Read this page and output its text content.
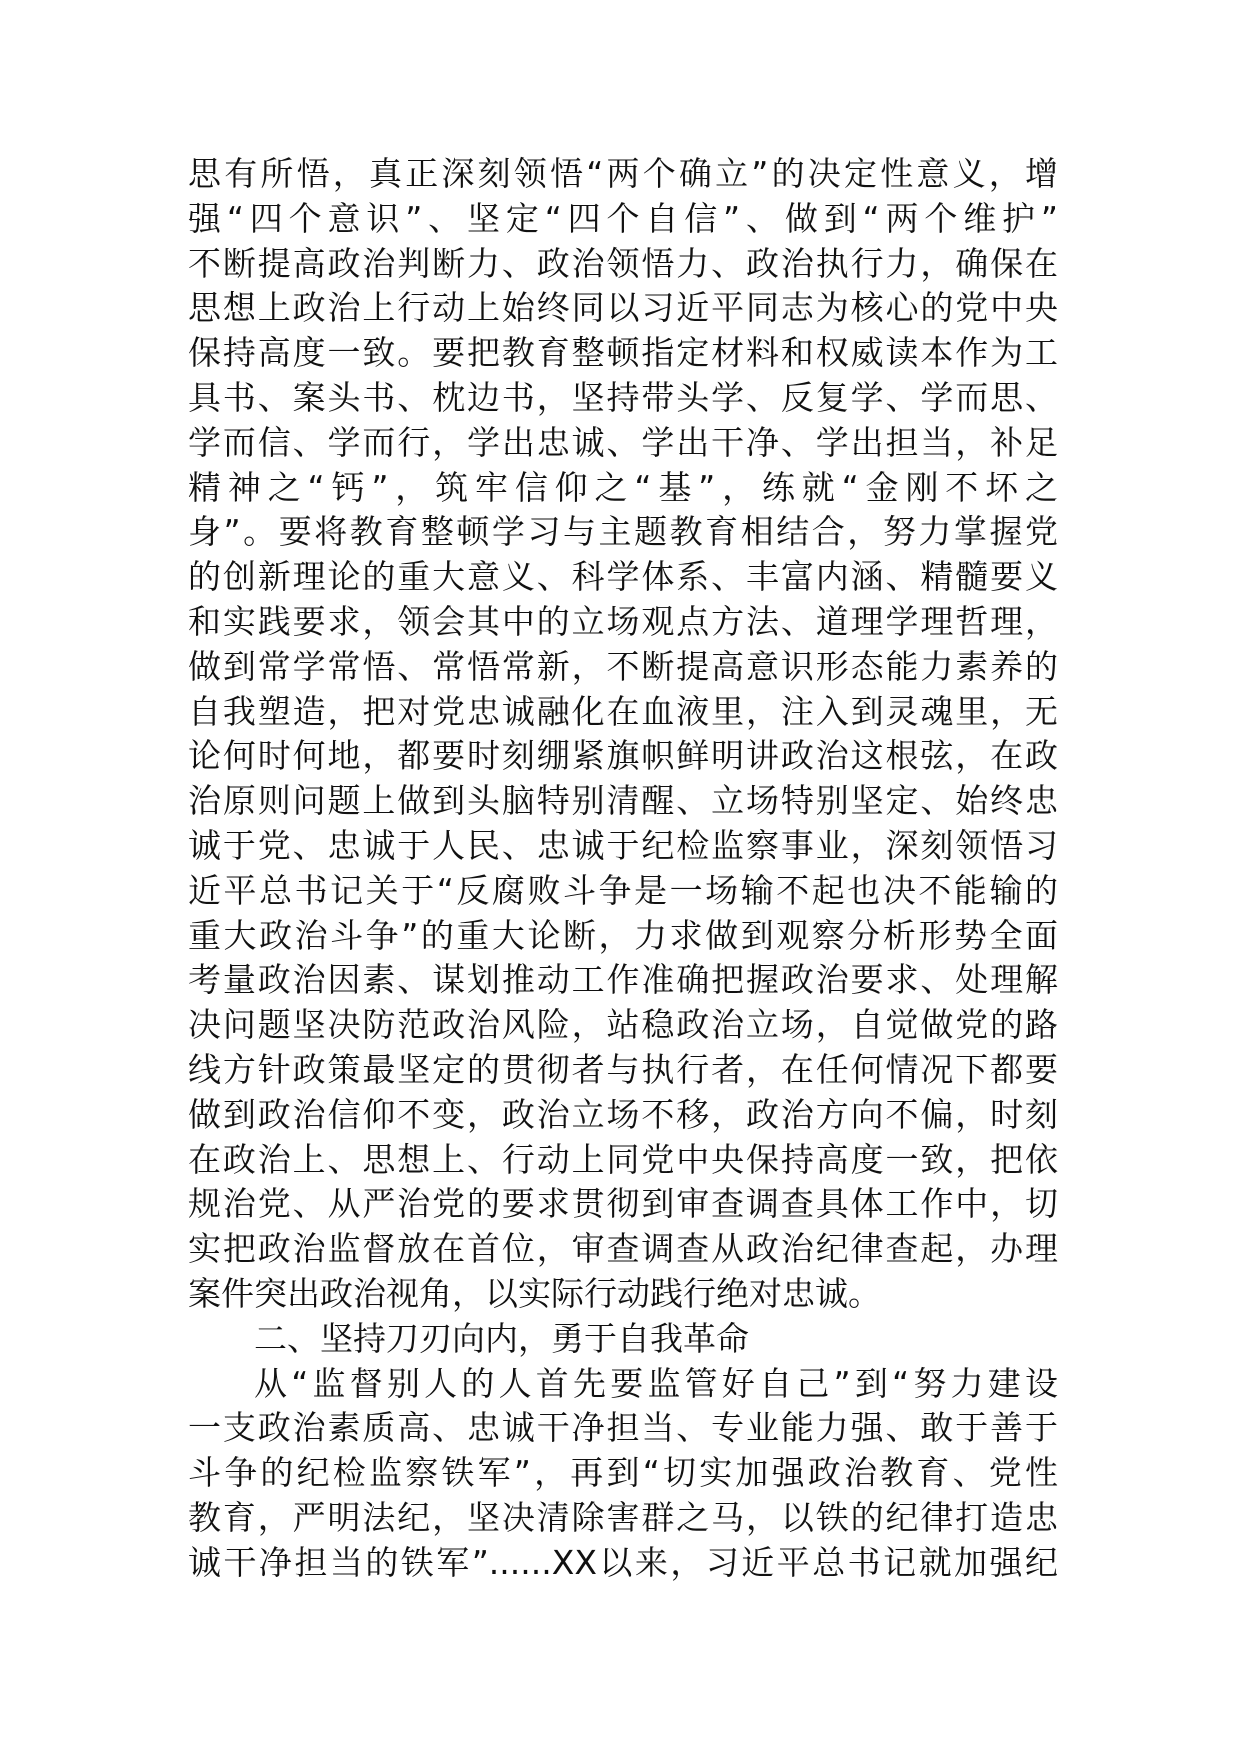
思有所悟，真正深刻领悟“两个确立”的决定性意义，增
强“四个意识”、坚定“四个自信”、做到“两个维护”
不断提高政治判断力、政治领悟力、政治执行力，确保在
思想上政治上行动上始终同以习近平同志为核心的党中央
保持高度一致。要把教育整顿指定材料和权威读本作为工
具书、案头书、枕边书，坚持带头学、反复学、学而思、
学而信、学而行，学出忠诚、学出干净、学出担当，补足
精神之“钙”，筑牢信仰之“基”，练就“金刚不坏之
身”。要将教育整顿学习与主题教育相结合，努力掌握党
的创新理论的重大意义、科学体系、丰富内涵、精髓要义
和实践要求，领会其中的立场观点方法、道理学理哲理，
做到常学常悟、常悟常新，不断提高意识形态能力素养的
自我塑造，把对党忠诚融化在血液里，注入到灵魂里，无
论何时何地，都要时刻绷紧旗帜鲜明讲政治这根弦，在政
治原则问题上做到头脑特别清醒、立场特别坚定、始终忠
诚于党、忠诚于人民、忠诚于纪检监察事业，深刻领悟习
近平总书记关于“反腐败斗争是一场输不起也决不能输的
重大政治斗争”的重大论断，力求做到观察分析形势全面
考量政治因素、谋划推动工作准确把握政治要求、处理解
决问题坚决防范政治风险，站稳政治立场，自觉做党的路
线方针政策最坚定的贯彻者与执行者，在任何情况下都要
做到政治信仰不变，政治立场不移，政治方向不偏，时刻
在政治上、思想上、行动上同党中央保持高度一致，把依
规治党、从严治党的要求贯彻到审查调查具体工作中，切
实把政治监督放在首位，审查调查从政治纪律查起，办理
案件突出政治视角，以实际行动践行绝对忠诚。
二、坚持刀刃向内，勇于自我革命
从“监督别人的人首先要监管好自己”到“努力建设
一支政治素质高、忠诚干净担当、专业能力强、敢于善于
斗争的纪检监察铁军”，再到“切实加强政治教育、党性
教育，严明法纪，坚决清除害群之马，以铁的纪律打造忠
诚干净担当的铁军”......XX以来，习近平总书记就加强纪
